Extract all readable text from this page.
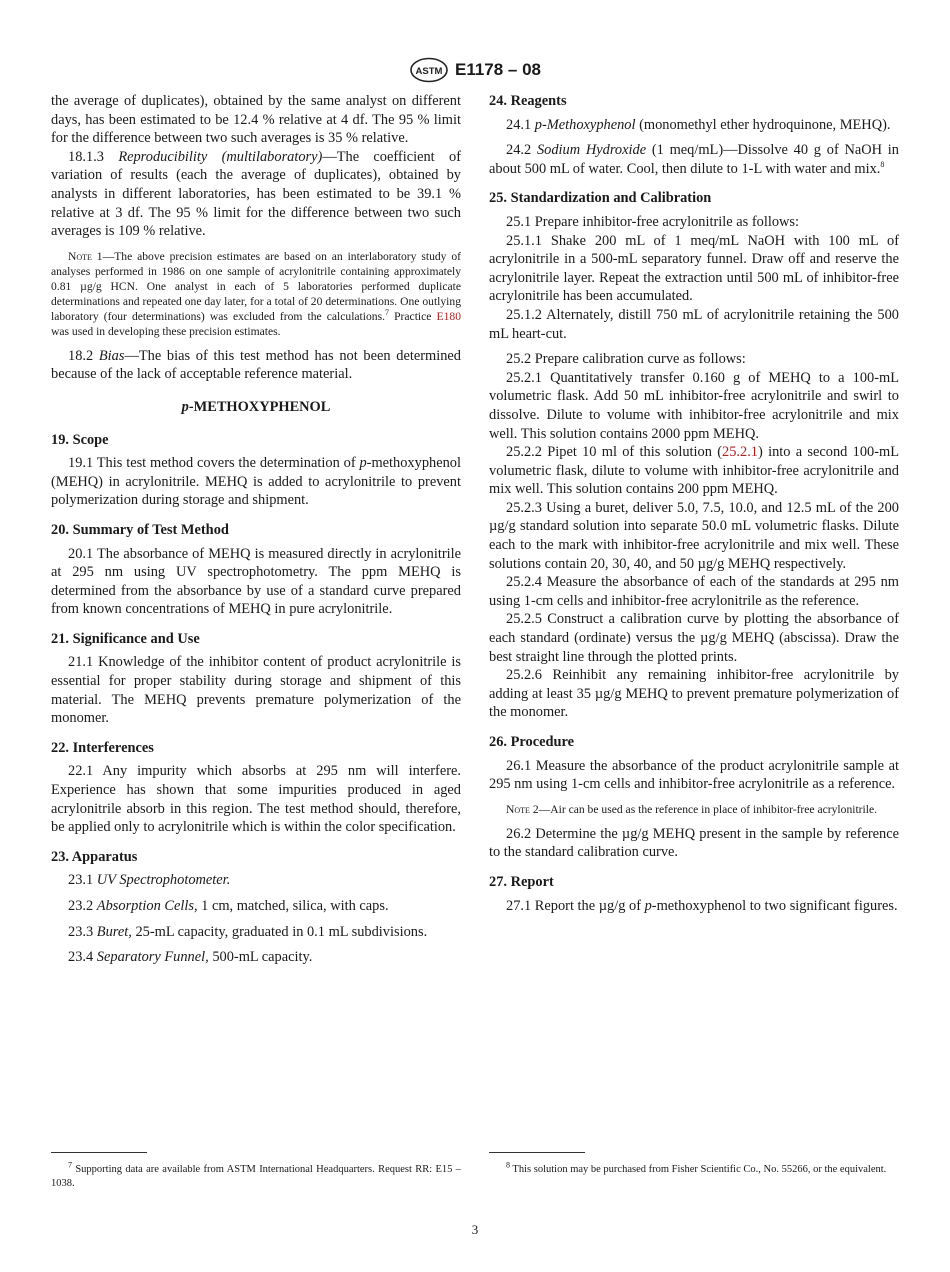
ASTM E1178 – 08

the average of duplicates), obtained by the same analyst on different days, has been estimated to be 12.4 % relative at 4 df. The 95 % limit for the difference between two such averages is 35 % relative.

18.1.3 Reproducibility (multilaboratory)—The coefficient of variation of results (each the average of duplicates), obtained by analysts in different laboratories, has been estimated to be 39.1 % relative at 3 df. The 95 % limit for the difference between two such averages is 109 % relative.

Note 1—The above precision estimates are based on an interlaboratory study of analyses performed in 1986 on one sample of acrylonitrile containing approximately 0.81 µg/g HCN. One analyst in each of 5 laboratories performed duplicate determinations and repeated one day later, for a total of 20 determinations. One outlying laboratory (four determinations) was excluded from the calculations.$^7$ Practice E180 was used in developing these precision estimates.

18.2 Bias—The bias of this test method has not been determined because of the lack of acceptable reference material.

p-METHOXYPHENOL
19. Scope

19.1 This test method covers the determination of p-methoxyphenol (MEHQ) in acrylonitrile. MEHQ is added to acrylonitrile to prevent polymerization during storage and shipment.

20. Summary of Test Method

20.1 The absorbance of MEHQ is measured directly in acrylonitrile at 295 nm using UV spectrophotometry. The ppm MEHQ is determined from the absorbance by use of a standard curve prepared from known concentrations of MEHQ in pure acrylonitrile.

21. Significance and Use

21.1 Knowledge of the inhibitor content of product acrylonitrile is essential for proper stability during storage and shipment of this material. The MEHQ prevents premature polymerization of the monomer.

22. Interferences

22.1 Any impurity which absorbs at 295 nm will interfere. Experience has shown that some impurities produced in aged acrylonitrile absorb in this region. The test method should, therefore, be applied only to acrylonitrile which is within the color specification.

23. Apparatus

23.1 UV Spectrophotometer.

23.2 Absorption Cells, 1 cm, matched, silica, with caps.

23.3 Buret, 25-mL capacity, graduated in 0.1 mL subdivisions.

23.4 Separatory Funnel, 500-mL capacity.

24. Reagents

24.1 p-Methoxyphenol (monomethyl ether hydroquinone, MEHQ).

24.2 Sodium Hydroxide (1 meq/mL)—Dissolve 40 g of NaOH in about 500 mL of water. Cool, then dilute to 1-L with water and mix.$^8$

25. Standardization and Calibration

25.1 Prepare inhibitor-free acrylonitrile as follows:

25.1.1 Shake 200 mL of 1 meq/mL NaOH with 100 mL of acrylonitrile in a 500-mL separatory funnel. Draw off and reserve the acrylonitrile layer. Repeat the extraction until 500 mL of inhibitor-free acrylonitrile has been accumulated.

25.1.2 Alternately, distill 750 mL of acrylonitrile retaining the 500 mL heart-cut.

25.2 Prepare calibration curve as follows:

25.2.1 Quantitatively transfer 0.160 g of MEHQ to a 100-mL volumetric flask. Add 50 mL inhibitor-free acrylonitrile and swirl to dissolve. Dilute to volume with inhibitor-free acrylonitrile and mix well. This solution contains 2000 ppm MEHQ.

25.2.2 Pipet 10 ml of this solution (25.2.1) into a second 100-mL volumetric flask, dilute to volume with inhibitor-free acrylonitrile and mix well. This solution contains 200 ppm MEHQ.

25.2.3 Using a buret, deliver 5.0, 7.5, 10.0, and 12.5 mL of the 200 µg/g standard solution into separate 50.0 mL volumetric flasks. Dilute each to the mark with inhibitor-free acrylonitrile and mix well. These solutions contain 20, 30, 40, and 50 µg/g MEHQ respectively.

25.2.4 Measure the absorbance of each of the standards at 295 nm using 1-cm cells and inhibitor-free acrylonitrile as the reference.

25.2.5 Construct a calibration curve by plotting the absorbance of each standard (ordinate) versus the µg/g MEHQ (abscissa). Draw the best straight line through the plotted prints.

25.2.6 Reinhibit any remaining inhibitor-free acrylonitrile by adding at least 35 µg/g MEHQ to prevent premature polymerization of the monomer.

26. Procedure

26.1 Measure the absorbance of the product acrylonitrile sample at 295 nm using 1-cm cells and inhibitor-free acrylonitrile as a reference.

Note 2—Air can be used as the reference in place of inhibitor-free acrylonitrile.

26.2 Determine the µg/g MEHQ present in the sample by reference to the standard calibration curve.

27. Report

27.1 Report the µg/g of p-methoxyphenol to two significant figures.

$^7$ Supporting data are available from ASTM International Headquarters. Request RR: E15 – 1038.
$^8$ This solution may be purchased from Fisher Scientific Co., No. 55266, or the equivalent.
3
